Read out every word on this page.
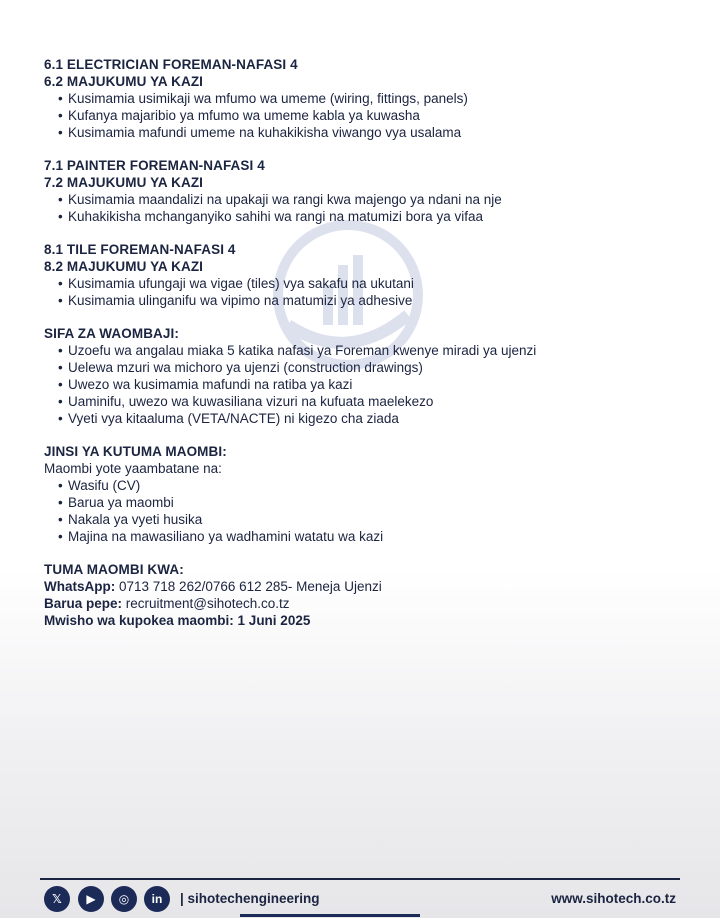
6.1 ELECTRICIAN FOREMAN-NAFASI 4
6.2 MAJUKUMU YA KAZI
• Kusimamia usimikaji wa mfumo wa umeme (wiring, fittings, panels)
• Kufanya majaribio ya mfumo wa umeme kabla ya kuwasha
• Kusimamia mafundi umeme na kuhakikisha viwango vya usalama
7.1 PAINTER FOREMAN-NAFASI 4
7.2 MAJUKUMU YA KAZI
• Kusimamia maandalizi na upakaji wa rangi kwa majengo ya ndani na nje
• Kuhakikisha mchanganyiko sahihi wa rangi na matumizi bora ya vifaa
8.1 TILE FOREMAN-NAFASI 4
8.2 MAJUKUMU YA KAZI
• Kusimamia ufungaji wa vigae (tiles) vya sakafu na ukutani
• Kusimamia ulinganifu wa vipimo na matumizi ya adhesive
SIFA ZA WAOMBAJI:
• Uzoefu wa angalau miaka 5 katika nafasi ya Foreman kwenye miradi ya ujenzi
• Uelewa mzuri wa michoro ya ujenzi (construction drawings)
• Uwezo wa kusimamia mafundi na ratiba ya kazi
• Uaminifu, uwezo wa kuwasiliana vizuri na kufuata maelekezo
• Vyeti vya kitaaluma (VETA/NACTE) ni kigezo cha ziada
JINSI YA KUTUMA MAOMBI:
Maombi yote yaambatane na:
• Wasifu (CV)
• Barua ya maombi
• Nakala ya vyeti husika
• Majina na mawasiliano ya wadhamini watatu wa kazi
TUMA MAOMBI KWA:
WhatsApp: 0713 718 262/0766 612 285- Meneja Ujenzi
Barua pepe: recruitment@sihotech.co.tz
Mwisho wa kupokea maombi: 1 Juni 2025
𝕏	▶	◎	in	| sihotechengineering	www.sihotech.co.tz
